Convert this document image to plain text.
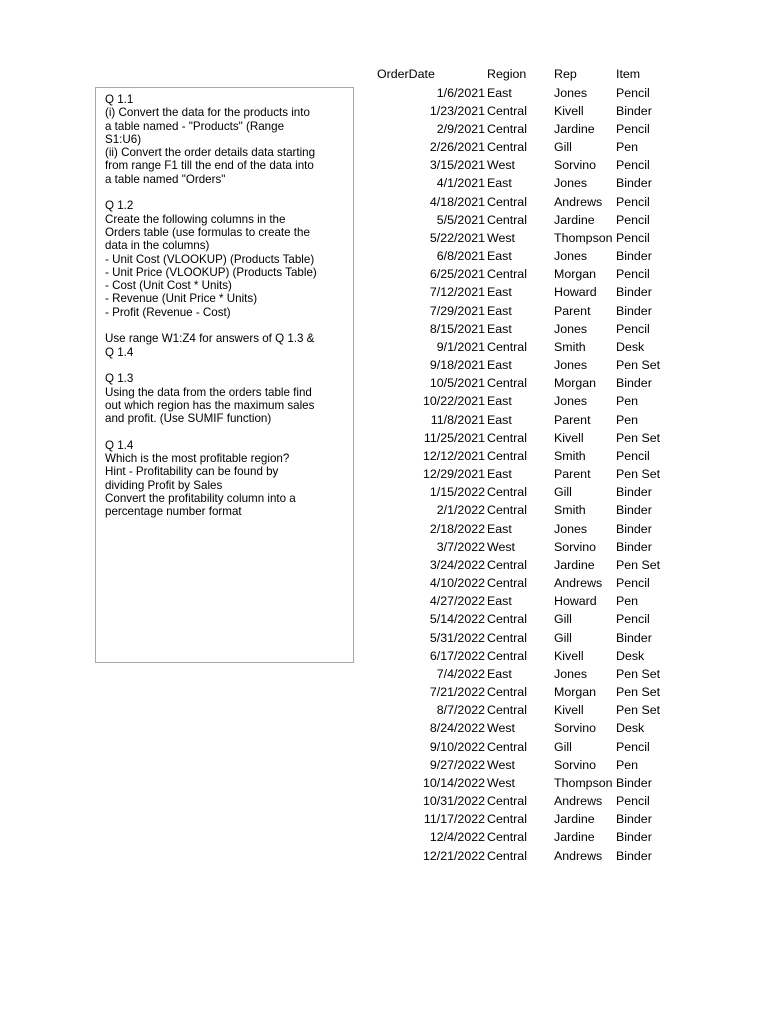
Q 1.1
(i) Convert the data for the products into
a table named - "Products" (Range
S1:U6)
(ii) Convert the order details data starting
from range F1 till the end of the data into
a table named "Orders"
Q 1.2
Create the following columns in the
Orders table (use formulas to create the
data in the columns)
- Unit Cost (VLOOKUP) (Products Table)
- Unit Price (VLOOKUP) (Products Table)
- Cost (Unit Cost * Units)
- Revenue (Unit Price * Units)
- Profit (Revenue - Cost)
Use range W1:Z4 for answers of Q 1.3 &
Q 1.4
Q 1.3
Using the data from the orders table find
out which region has the maximum sales
and profit. (Use SUMIF function)
Q 1.4
Which is the most profitable region?
Hint - Profitability can be found by
dividing Profit by Sales
Convert the profitability column into a
percentage number format
OrderDate	Region Rep	Item
1/6/2021 East	Jones Pencil
1/23/2021 Central Kivell	Binder
2/9/2021 Central Jardine Pencil
2/26/2021 Central Gill	Pen
3/15/2021 West	Sorvino Pencil
4/1/2021 East	Jones Binder
4/18/2021 Central Andrews Pencil
5/5/2021 Central Jardine Pencil
5/22/2021 West	Thompson Pencil
6/8/2021 East	Jones Binder
6/25/2021 Central Morgan Pencil
7/12/2021 East	Howard Binder
7/29/2021 East	Parent Binder
8/15/2021 East	Jones Pencil
9/1/2021 Central Smith Desk
9/18/2021 East	Jones Pen Set
10/5/2021 Central Morgan Binder
10/22/2021 East	Jones Pen
11/8/2021 East	Parent Pen
11/25/2021 Central Kivell	Pen Set
12/12/2021 Central Smith Pencil
12/29/2021 East	Parent Pen Set
1/15/2022 Central Gill	Binder
2/1/2022 Central Smith Binder
2/18/2022 East	Jones Binder
3/7/2022 West	Sorvino Binder
3/24/2022 Central Jardine Pen Set
4/10/2022 Central Andrews Pencil
4/27/2022 East	Howard Pen
5/14/2022 Central Gill	Pencil
5/31/2022 Central Gill	Binder
6/17/2022 Central Kivell	Desk
7/4/2022 East	Jones Pen Set
7/21/2022 Central Morgan Pen Set
8/7/2022 Central Kivell	Pen Set
8/24/2022 West	Sorvino Desk
9/10/2022 Central Gill	Pencil
9/27/2022 West	Sorvino Pen
10/14/2022 West	Thompson Binder
10/31/2022 Central Andrews Pencil
11/17/2022 Central Jardine Binder
12/4/2022 Central Jardine Binder
12/21/2022 Central Andrews Binder
